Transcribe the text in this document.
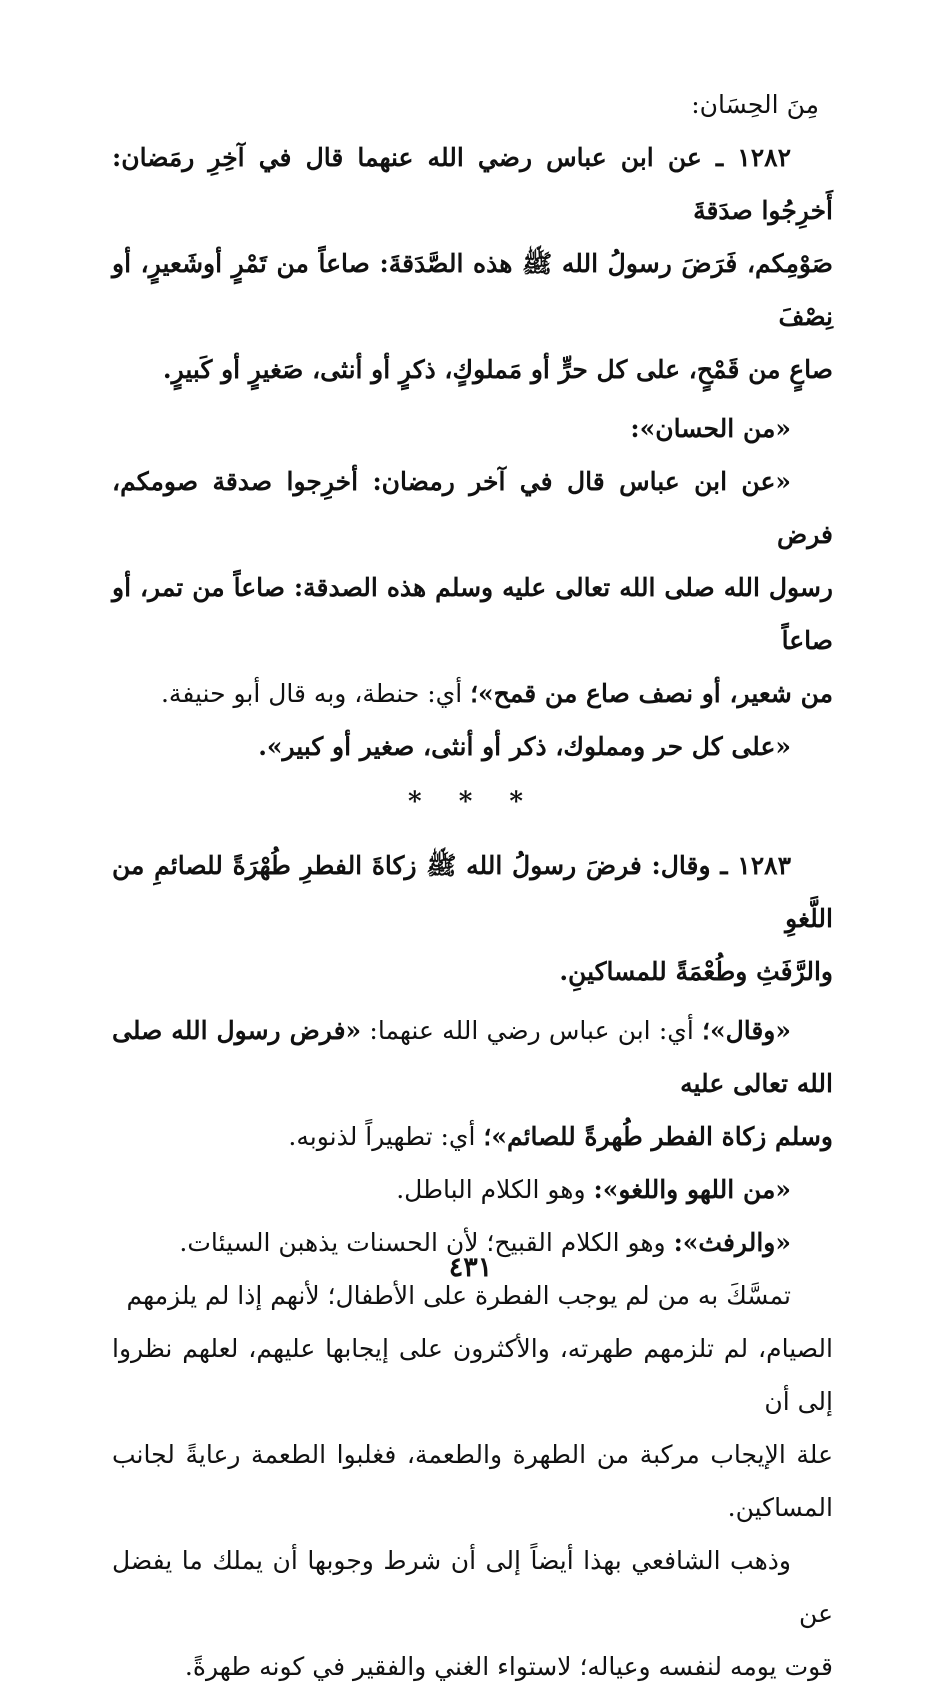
مِنَ الحِسَان:

١٢٨٢ ـ عن ابن عباس رضي الله عنهما قال في آخِرِ رمَضان: أَخرِجُوا صدَقةَ

صَوْمِكم، فَرَضَ رسولُ الله ﷺ هذه الصَّدَقةَ: صاعاً من تَمْرٍ أوشَعيرٍ، أو نِصْفَ

صاعٍ من قَمْحٍ، على كل حرٍّ أو مَملوكٍ، ذكرٍ أو أنثى، صَغيرٍ أو كَبيرٍ.

«من الحسان»:

«عن ابن عباس قال في آخر رمضان: أخرِجوا صدقة صومكم، فرض

رسول الله صلى الله تعالى عليه وسلم هذه الصدقة: صاعاً من تمر، أو صاعاً

من شعير، أو نصف صاع من قمح»؛ أي: حنطة، وبه قال أبو حنيفة.

«على كل حر ومملوك، ذكر أو أنثى، صغير أو كبير».

* * *

١٢٨٣ ـ وقال: فرضَ رسولُ الله ﷺ زكاةَ الفطرِ طُهْرَةً للصائمِ من اللَّغوِ

والرَّفَثِ وطُعْمَةً للمساكينِ.

«وقال»؛ أي: ابن عباس رضي الله عنهما: «فرض رسول الله صلى الله تعالى عليه

وسلم زكاة الفطر طُهرةً للصائم»؛ أي: تطهيراً لذنوبه.

«من اللهو واللغو»: وهو الكلام الباطل.

«والرفث»: وهو الكلام القبيح؛ لأن الحسنات يذهبن السيئات.

تمسَّكَ به من لم يوجب الفطرة على الأطفال؛ لأنهم إذا لم يلزمهم

الصيام، لم تلزمهم طهرته، والأكثرون على إيجابها عليهم، لعلهم نظروا إلى أن

علة الإيجاب مركبة من الطهرة والطعمة، فغلبوا الطعمة رعايةً لجانب المساكين.

وذهب الشافعي بهذا أيضاً إلى أن شرط وجوبها أن يملك ما يفضل عن

قوت يومه لنفسه وعياله؛ لاستواء الغني والفقير في كونه طهرةً.

٤٣١
